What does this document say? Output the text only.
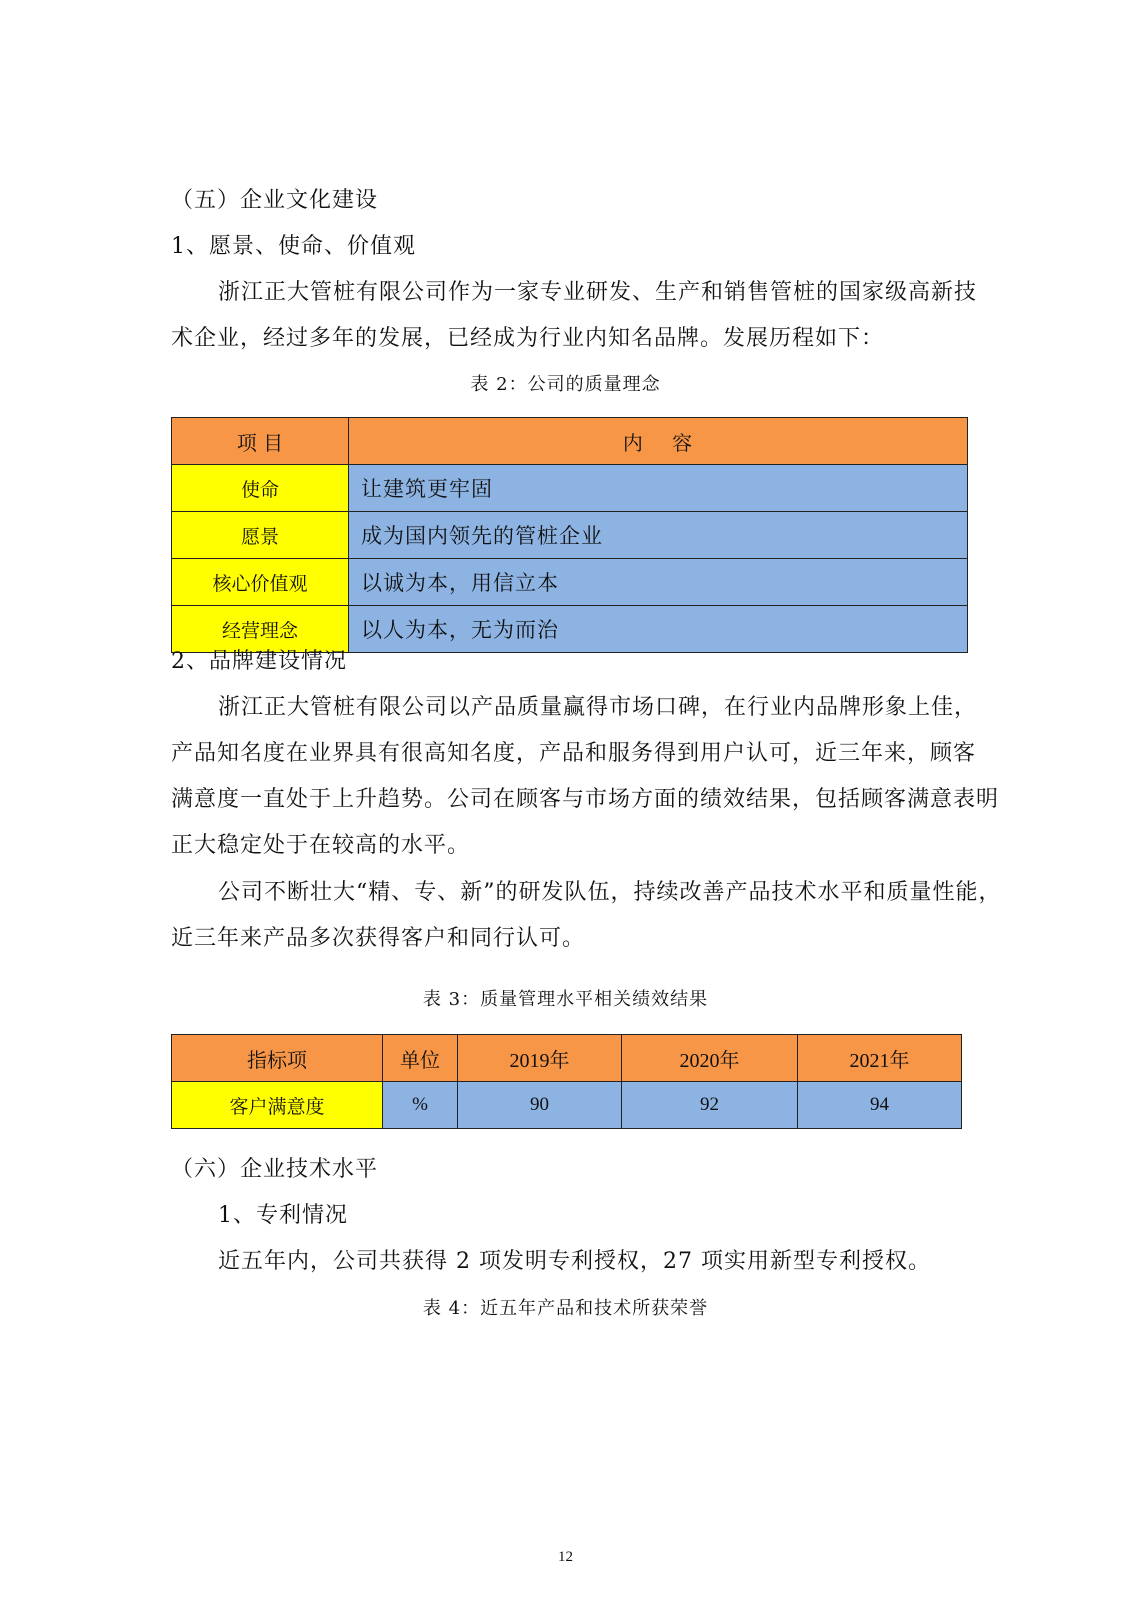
（五）企业文化建设
1、愿景、使命、价值观
浙江正大管桩有限公司作为一家专业研发、生产和销售管桩的国家级高新技
术企业，经过多年的发展，已经成为行业内知名品牌。发展历程如下：
表 2：公司的质量理念
项 目	内　 容
使命	让建筑更牢固
愿景	成为国内领先的管桩企业
核心价值观	以诚为本，用信立本
经营理念	以人为本，无为而治
2、品牌建设情况
浙江正大管桩有限公司以产品质量赢得市场口碑，在行业内品牌形象上佳，
产品知名度在业界具有很高知名度，产品和服务得到用户认可，近三年来，顾客
满意度一直处于上升趋势。公司在顾客与市场方面的绩效结果，包括顾客满意表明
正大稳定处于在较高的水平。
公司不断壮大“精、专、新”的研发队伍，持续改善产品技术水平和质量性能，
近三年来产品多次获得客户和同行认可。
表 3：质量管理水平相关绩效结果
指标项	单位	2019年	2020年	2021年
客户满意度	%	90	92	94
（六）企业技术水平
1、专利情况
近五年内，公司共获得 2 项发明专利授权，27 项实用新型专利授权。
表 4：近五年产品和技术所获荣誉
12
